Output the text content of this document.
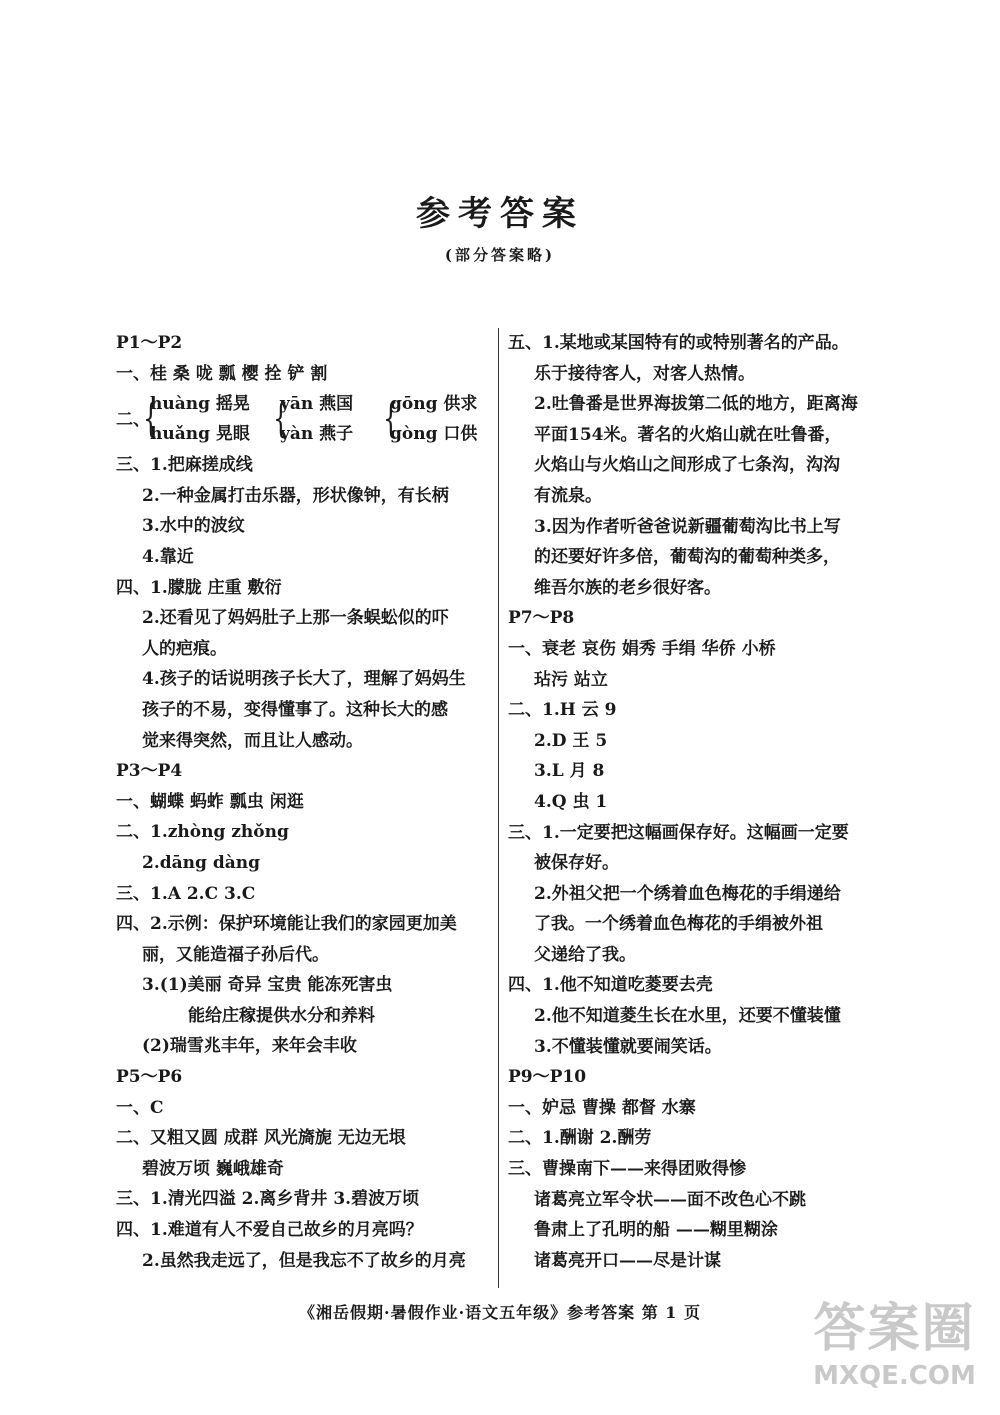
参考答案
(部分答案略)
P1～P2
一、桂 桑 咙 瓢 樱 拴 铲 割
二、
{
huàng 摇晃
huǎng 晃眼 {
yān 燕国
yàn 燕子 {
gōng 供求
gòng 口供
三、1.把麻搓成线
2.一种金属打击乐器，形状像钟，有长柄
3.水中的波纹
4.靠近
四、1.朦胧 庄重 敷衍
2.还看见了妈妈肚子上那一条蜈蚣似的吓
人的疤痕。
4.孩子的话说明孩子长大了，理解了妈妈生
孩子的不易，变得懂事了。这种长大的感
觉来得突然，而且让人感动。
P3～P4
一、蝴蝶 蚂蚱 瓢虫 闲逛
二、1.zhòng zhǒng
2.dāng dàng
三、1.A 2.C 3.C
四、2.示例：保护环境能让我们的家园更加美
丽，又能造福子孙后代。
3.(1)美丽 奇异 宝贵 能冻死害虫
能给庄稼提供水分和养料
(2)瑞雪兆丰年，来年会丰收
P5～P6
一、C
二、又粗又圆 成群 风光旖旎 无边无垠
碧波万顷 巍峨雄奇
三、1.清光四溢 2.离乡背井 3.碧波万顷
四、1.难道有人不爱自己故乡的月亮吗？
2.虽然我走远了，但是我忘不了故乡的月亮
五、1.某地或某国特有的或特别著名的产品。
乐于接待客人，对客人热情。
2.吐鲁番是世界海拔第二低的地方，距离海
平面154米。著名的火焰山就在吐鲁番，
火焰山与火焰山之间形成了七条沟，沟沟
有流泉。
3.因为作者听爸爸说新疆葡萄沟比书上写
的还要好许多倍，葡萄沟的葡萄种类多，
维吾尔族的老乡很好客。
P7～P8
一、衰老 哀伤 娟秀 手绢 华侨 小桥
玷污 站立
二、1.H 云 9
2.D 王 5
3.L 月 8
4.Q 虫 1
三、1.一定要把这幅画保存好。这幅画一定要
被保存好。
2.外祖父把一个绣着血色梅花的手绢递给
了我。一个绣着血色梅花的手绢被外祖
父递给了我。
四、1.他不知道吃菱要去壳
2.他不知道菱生长在水里，还要不懂装懂
3.不懂装懂就要闹笑话。
P9～P10
一、妒忌 曹操 都督 水寨
二、1.酬谢 2.酬劳
三、曹操南下——来得团败得惨
诸葛亮立军令状——面不改色心不跳
鲁肃上了孔明的船 ——糊里糊涂
诸葛亮开口——尽是计谋
《湘岳假期·暑假作业·语文五年级》参考答案 第 1 页	答案圈
MXQE.COM
